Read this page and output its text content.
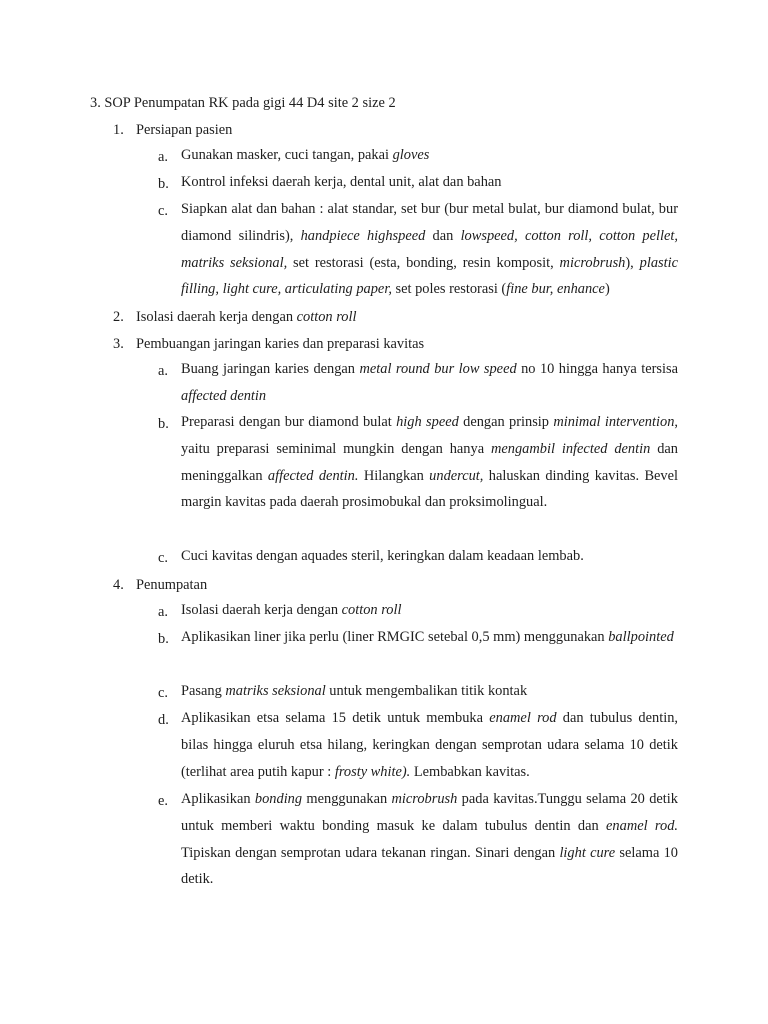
3. SOP Penumpatan RK pada gigi 44 D4 site 2 size 2
1. Persiapan pasien
a. Gunakan masker, cuci tangan, pakai gloves
b. Kontrol infeksi daerah kerja, dental unit, alat dan bahan
c. Siapkan alat dan bahan : alat standar, set bur (bur metal bulat, bur diamond bulat, bur diamond silindris), handpiece highspeed dan lowspeed, cotton roll, cotton pellet, matriks seksional, set restorasi (esta, bonding, resin komposit, microbrush), plastic filling, light cure, articulating paper, set poles restorasi (fine bur, enhance)
2. Isolasi daerah kerja dengan cotton roll
3. Pembuangan jaringan karies dan preparasi kavitas
a. Buang jaringan karies dengan metal round bur low speed no 10 hingga hanya tersisa affected dentin
b. Preparasi dengan bur diamond bulat high speed dengan prinsip minimal intervention, yaitu preparasi seminimal mungkin dengan hanya mengambil infected dentin dan meninggalkan affected dentin. Hilangkan undercut, haluskan dinding kavitas. Bevel margin kavitas pada daerah prosimobukal dan proksimolingual.
c. Cuci kavitas dengan aquades steril, keringkan dalam keadaan lembab.
4. Penumpatan
a. Isolasi daerah kerja dengan cotton roll
b. Aplikasikan liner jika perlu (liner RMGIC setebal 0,5 mm) menggunakan ballpointed
c. Pasang matriks seksional untuk mengembalikan titik kontak
d. Aplikasikan etsa selama 15 detik untuk membuka enamel rod dan tubulus dentin, bilas hingga eluruh etsa hilang, keringkan dengan semprotan udara selama 10 detik (terlihat area putih kapur : frosty white). Lembabkan kavitas.
e. Aplikasikan bonding menggunakan microbrush pada kavitas.Tunggu selama 20 detik untuk memberi waktu bonding masuk ke dalam tubulus dentin dan enamel rod. Tipiskan dengan semprotan udara tekanan ringan. Sinari dengan light cure selama 10 detik.
